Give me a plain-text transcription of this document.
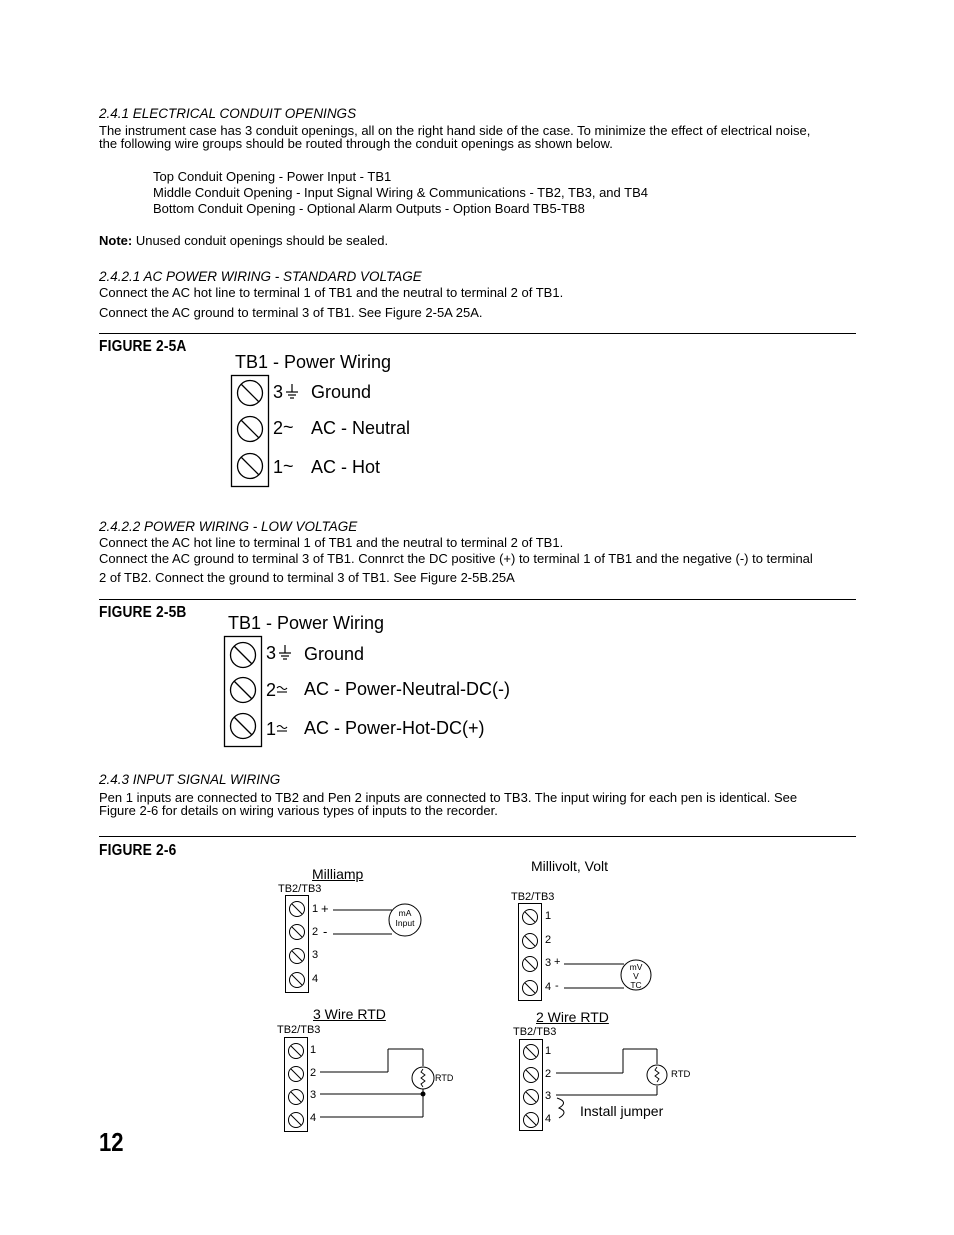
2.4.1 ELECTRICAL CONDUIT OPENINGS
The instrument case has 3 conduit openings, all on the right hand side of the case. To minimize the effect of electrical noise,
the following wire groups should be routed through the conduit openings as shown below.
Top Conduit Opening - Power Input - TB1
Middle Conduit Opening - Input Signal Wiring & Communications - TB2, TB3, and TB4
Bottom Conduit Opening - Optional Alarm Outputs - Option Board TB5-TB8
Note: Unused conduit openings should be sealed.
2.4.2.1 AC POWER WIRING - STANDARD VOLTAGE
Connect the AC hot line to terminal 1 of TB1 and the neutral to terminal 2 of TB1.
Connect the AC ground to terminal 3 of TB1. See Figure 2-5A 25A.
FIGURE 2-5A
TB1 - Power Wiring
3 Ground
2 ~ AC - Neutral
1 ~ AC - Hot
2.4.2.2 POWER WIRING - LOW VOLTAGE
Connect the AC hot line to terminal 1 of TB1 and the neutral to terminal 2 of TB1.
Connect the AC ground to terminal 3 of TB1. Connrct the DC positive (+) to terminal 1 of TB1 and the negative (-) to terminal
2 of TB2. Connect the ground to terminal 3 of TB1. See Figure 2-5B.25A
FIGURE 2-5B
TB1 - Power Wiring
3 Ground
2 AC - Power-Neutral-DC(-)
1 AC - Power-Hot-DC(+)
2.4.3 INPUT SIGNAL WIRING
Pen 1 inputs are connected to TB2 and Pen 2 inputs are connected to TB3. The input wiring for each pen is identical. See
Figure 2-6 for details on wiring various types of inputs to the recorder.
FIGURE 2-6
Milliamp
TB2/TB3
1
2
3
4
+
-
mA
Input
Millivolt, Volt
TB2/TB3
1
2
3
4
+
-
mV
V
TC
3 Wire RTD
TB2/TB3
1
2
3
4
RTD
2 Wire RTD
TB2/TB3
1
2
3
4
RTD
Install jumper
12
